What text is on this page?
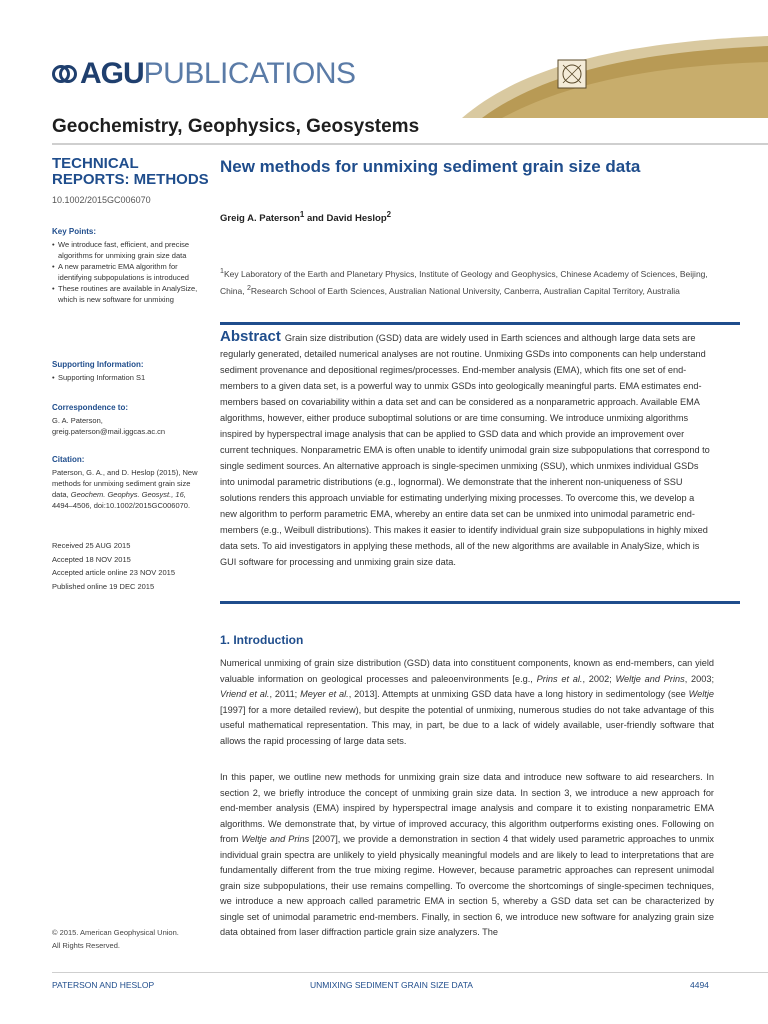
AGU PUBLICATIONS
Geochemistry, Geophysics, Geosystems
TECHNICAL REPORTS: METHODS
10.1002/2015GC006070
Key Points:
• We introduce fast, efficient, and precise algorithms for unmixing grain size data
• A new parametric EMA algorithm for identifying subpopulations is introduced
• These routines are available in AnalySize, which is new software for unmixing
Supporting Information:
• Supporting Information S1
Correspondence to:
G. A. Paterson,
greig.paterson@mail.iggcas.ac.cn
Citation:
Paterson, G. A., and D. Heslop (2015), New methods for unmixing sediment grain size data, Geochem. Geophys. Geosyst., 16, 4494–4506, doi:10.1002/2015GC006070.
Received 25 AUG 2015
Accepted 18 NOV 2015
Accepted article online 23 NOV 2015
Published online 19 DEC 2015
© 2015. American Geophysical Union.
All Rights Reserved.
New methods for unmixing sediment grain size data
Greig A. Paterson$^1$ and David Heslop$^2$
$^1$Key Laboratory of the Earth and Planetary Physics, Institute of Geology and Geophysics, Chinese Academy of Sciences, Beijing, China, $^2$Research School of Earth Sciences, Australian National University, Canberra, Australian Capital Territory, Australia
Abstract Grain size distribution (GSD) data are widely used in Earth sciences and although large data sets are regularly generated, detailed numerical analyses are not routine. Unmixing GSDs into components can help understand sediment provenance and depositional regimes/processes. End-member analysis (EMA), which fits one set of end-members to a given data set, is a powerful way to unmix GSDs into geologically meaningful parts. EMA estimates end-members based on covariability within a data set and can be considered as a nonparametric approach. Available EMA algorithms, however, either produce suboptimal solutions or are time consuming. We introduce unmixing algorithms inspired by hyperspectral image analysis that can be applied to GSD data and which provide an improvement over current techniques. Nonparametric EMA is often unable to identify unimodal grain size subpopulations that correspond to single sediment sources. An alternative approach is single-specimen unmixing (SSU), which unmixes individual GSDs into unimodal parametric distributions (e.g., lognormal). We demonstrate that the inherent non-uniqueness of SSU solutions renders this approach unviable for estimating underlying mixing processes. To overcome this, we develop a new algorithm to perform parametric EMA, whereby an entire data set can be unmixed into unimodal parametric end-members (e.g., Weibull distributions). This makes it easier to identify individual grain size subpopulations in highly mixed data sets. To aid investigators in applying these methods, all of the new algorithms are available in AnalySize, which is GUI software for processing and unmixing grain size data.
1. Introduction
Numerical unmixing of grain size distribution (GSD) data into constituent components, known as end-members, can yield valuable information on geological processes and paleoenvironments [e.g., Prins et al., 2002; Weltje and Prins, 2003; Vriend et al., 2011; Meyer et al., 2013]. Attempts at unmixing GSD data have a long history in sedimentology (see Weltje [1997] for a more detailed review), but despite the potential of unmixing, numerous studies do not take advantage of this useful mathematical representation. This may, in part, be due to a lack of widely available, user-friendly software that allows the rapid processing of large data sets.
In this paper, we outline new methods for unmixing grain size data and introduce new software to aid researchers. In section 2, we briefly introduce the concept of unmixing grain size data. In section 3, we introduce a new approach for end-member analysis (EMA) inspired by hyperspectral image analysis and compare it to existing nonparametric EMA algorithms. We demonstrate that, by virtue of improved accuracy, this algorithm outperforms existing ones. Following on from Weltje and Prins [2007], we provide a demonstration in section 4 that widely used parametric approaches to unmix individual grain spectra are unlikely to yield physically meaningful models and are likely to lead to interpretations that are fundamentally different from the true mixing regime. However, because parametric approaches can represent unimodal grain size subpopulations, their use remains compelling. To overcome the shortcomings of single-specimen techniques, we introduce a new approach called parametric EMA in section 5, whereby a GSD data set can be characterized by single set of unimodal parametric end-members. Finally, in section 6, we introduce new software for analyzing grain size data obtained from laser diffraction particle grain size analyzers. The
PATERSON AND HESLOP	UNMIXING SEDIMENT GRAIN SIZE DATA	4494
